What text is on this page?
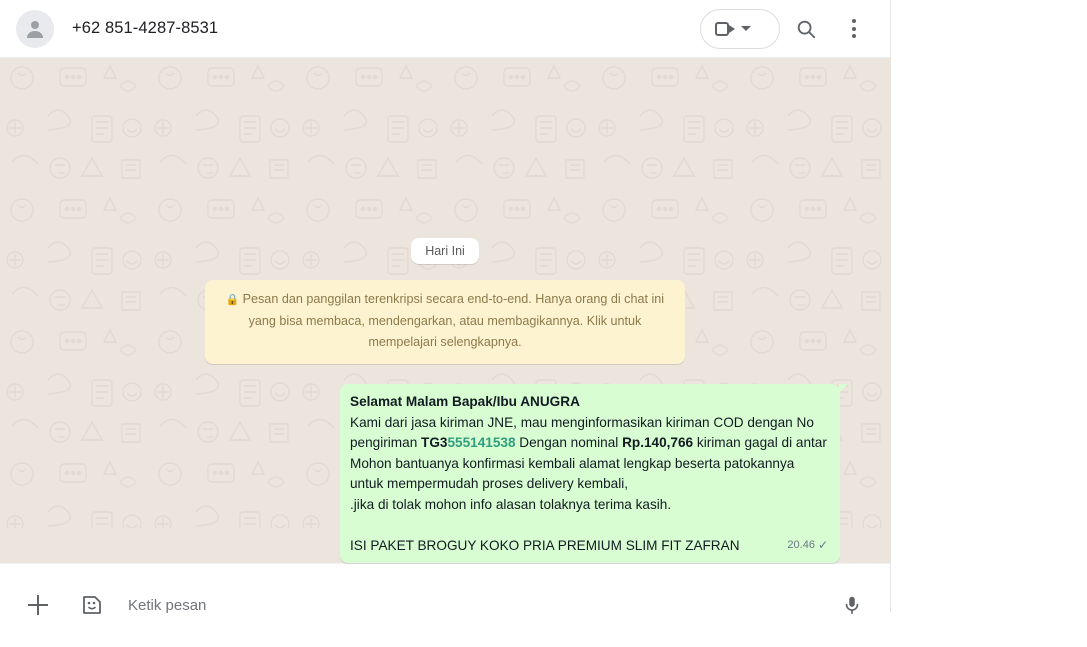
+62 851-4287-8531
Hari Ini
🔒 Pesan dan panggilan terenkripsi secara end-to-end. Hanya orang di chat ini yang bisa membaca, mendengarkan, atau membagikannya. Klik untuk mempelajari selengkapnya.
Selamat Malam Bapak/Ibu ANUGRA
Kami dari jasa kiriman JNE, mau menginformasikan kiriman COD dengan No pengiriman TG3555141538 Dengan nominal Rp.140,766 kiriman gagal di antar Mohon bantuanya konfirmasi kembali alamat lengkap beserta patokannya untuk mempermudah proses delivery kembali,
.jika di tolak mohon info alasan tolaknya terima kasih.
ISI PAKET BROGUY KOKO PRIA PREMIUM SLIM FIT ZAFRAN	20.46 ✓
Ketik pesan
